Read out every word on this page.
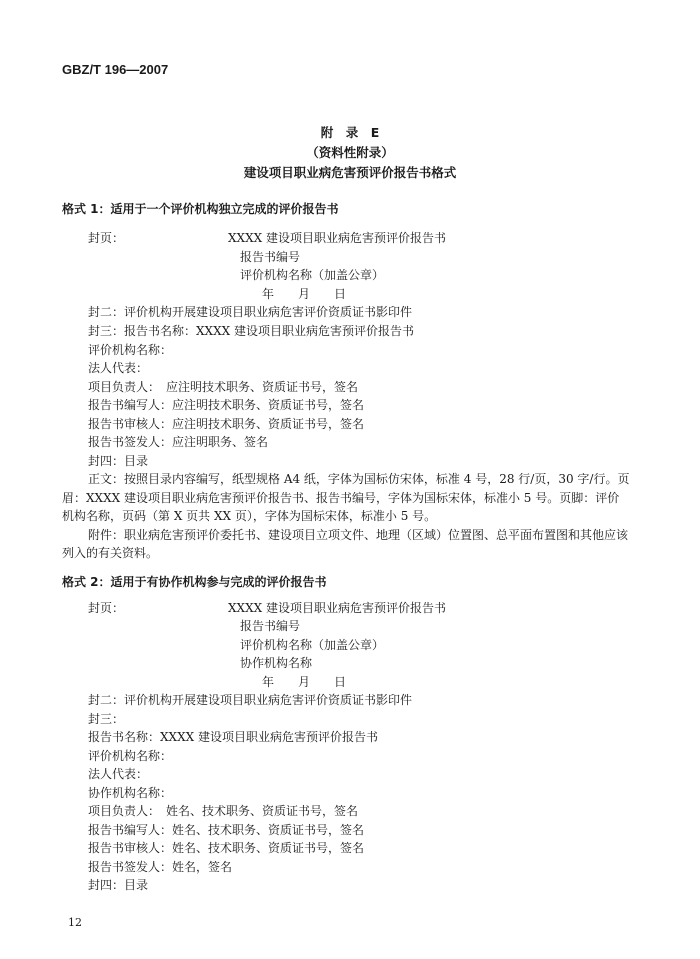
GBZ/T 196—2007
附　录　E
（资料性附录）
建设项目职业病危害预评价报告书格式
格式 1：适用于一个评价机构独立完成的评价报告书
封页：	XXXX 建设项目职业病危害预评价报告书
报告书编号
评价机构名称（加盖公章）
年　　月　　日
封二：评价机构开展建设项目职业病危害评价资质证书影印件
封三：报告书名称：XXXX 建设项目职业病危害预评价报告书
评价机构名称：
法人代表：
项目负责人：　应注明技术职务、资质证书号，签名
报告书编写人：应注明技术职务、资质证书号，签名
报告书审核人：应注明技术职务、资质证书号，签名
报告书签发人：应注明职务、签名
封四：目录
正文：按照目录内容编写，纸型规格 A4 纸，字体为国标仿宋体，标准 4 号，28 行/页，30 字/行。页
眉：XXXX 建设项目职业病危害预评价报告书、报告书编号，字体为国标宋体，标准小 5 号。页脚：评价
机构名称，页码（第 X 页共 XX 页），字体为国标宋体，标准小 5 号。
附件：职业病危害预评价委托书、建设项目立项文件、地理（区域）位置图、总平面布置图和其他应该
列入的有关资料。
格式 2：适用于有协作机构参与完成的评价报告书
封页：	XXXX 建设项目职业病危害预评价报告书
报告书编号
评价机构名称（加盖公章）
协作机构名称
年　　月　　日
封二：评价机构开展建设项目职业病危害评价资质证书影印件
封三：
报告书名称：XXXX 建设项目职业病危害预评价报告书
评价机构名称：
法人代表：
协作机构名称：
项目负责人：　姓名、技术职务、资质证书号，签名
报告书编写人：姓名、技术职务、资质证书号，签名
报告书审核人：姓名、技术职务、资质证书号，签名
报告书签发人：姓名，签名
封四：目录
12
